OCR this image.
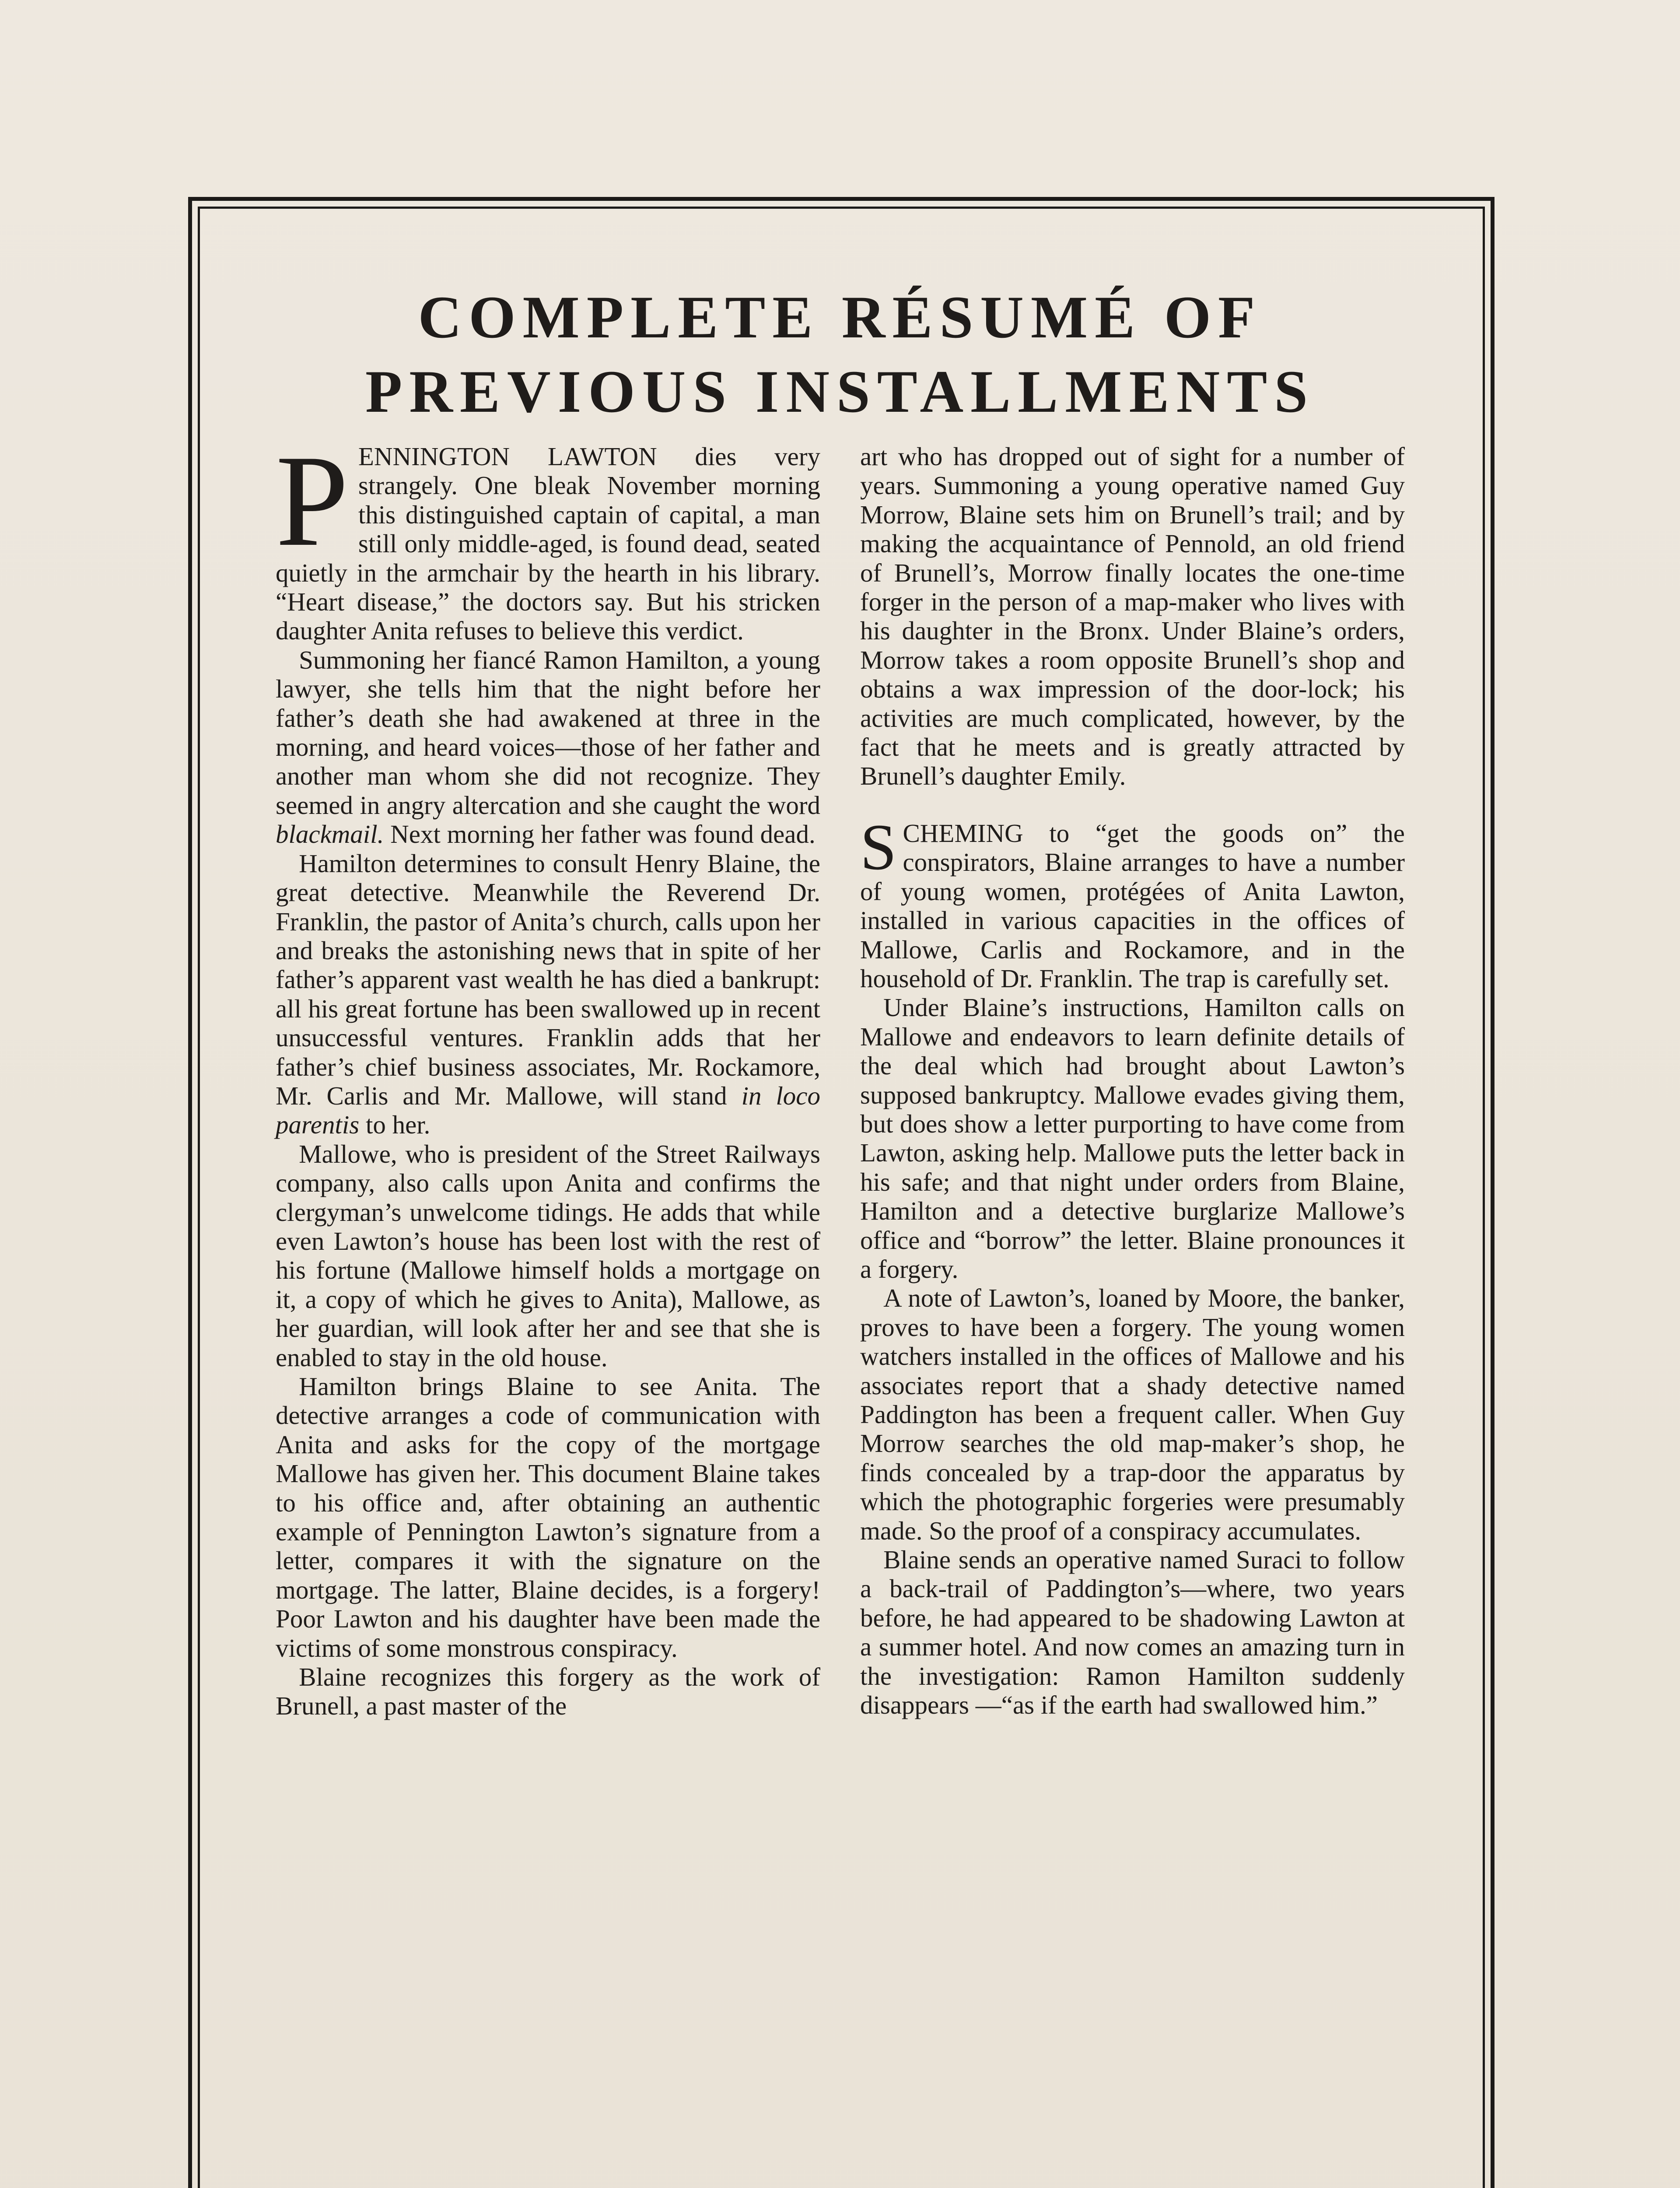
COMPLETE RÉSUMÉ OF
PREVIOUS INSTALLMENTS

PENNINGTON LAWTON dies very strangely. One bleak November morning this distinguished captain of capital, a man still only middle-aged, is found dead, seated quietly in the armchair by the hearth in his library. “Heart disease,” the doctors say. But his stricken daughter Anita refuses to believe this verdict.

Summoning her fiancé Ramon Hamilton, a young lawyer, she tells him that the night before her father’s death she had awakened at three in the morning, and heard voices—those of her father and another man whom she did not recognize. They seemed in angry altercation and she caught the word blackmail. Next morning her father was found dead.

Hamilton determines to consult Henry Blaine, the great detective. Meanwhile the Reverend Dr. Franklin, the pastor of Anita’s church, calls upon her and breaks the astonishing news that in spite of her father’s apparent vast wealth he has died a bankrupt: all his great fortune has been swallowed up in recent unsuccessful ventures. Franklin adds that her father’s chief business associates, Mr. Rockamore, Mr. Carlis and Mr. Mallowe, will stand in loco parentis to her.

Mallowe, who is president of the Street Railways company, also calls upon Anita and confirms the clergyman’s unwelcome tidings. He adds that while even Lawton’s house has been lost with the rest of his fortune (Mallowe himself holds a mortgage on it, a copy of which he gives to Anita), Mallowe, as her guardian, will look after her and see that she is enabled to stay in the old house.

Hamilton brings Blaine to see Anita. The detective arranges a code of communication with Anita and asks for the copy of the mortgage Mallowe has given her. This document Blaine takes to his office and, after obtaining an authentic example of Pennington Lawton’s signature from a letter, compares it with the signature on the mortgage. The latter, Blaine decides, is a forgery! Poor Lawton and his daughter have been made the victims of some monstrous conspiracy.

Blaine recognizes this forgery as the work of Brunell, a past master of the

art who has dropped out of sight for a number of years. Summoning a young operative named Guy Morrow, Blaine sets him on Brunell’s trail; and by making the acquaintance of Pennold, an old friend of Brunell’s, Morrow finally locates the one-time forger in the person of a map-maker who lives with his daughter in the Bronx. Under Blaine’s orders, Morrow takes a room opposite Brunell’s shop and obtains a wax impression of the door-lock; his activities are much complicated, however, by the fact that he meets and is greatly attracted by Brunell’s daughter Emily.

SCHEMING to “get the goods on” the conspirators, Blaine arranges to have a number of young women, protégées of Anita Lawton, installed in various capacities in the offices of Mallowe, Carlis and Rockamore, and in the household of Dr. Franklin. The trap is carefully set.

Under Blaine’s instructions, Hamilton calls on Mallowe and endeavors to learn definite details of the deal which had brought about Lawton’s supposed bankruptcy. Mallowe evades giving them, but does show a letter purporting to have come from Lawton, asking help. Mallowe puts the letter back in his safe; and that night under orders from Blaine, Hamilton and a detective burglarize Mallowe’s office and “borrow” the letter. Blaine pronounces it a forgery.

A note of Lawton’s, loaned by Moore, the banker, proves to have been a forgery. The young women watchers installed in the offices of Mallowe and his associates report that a shady detective named Paddington has been a frequent caller. When Guy Morrow searches the old map-maker’s shop, he finds concealed by a trap-door the apparatus by which the photographic forgeries were presumably made. So the proof of a conspiracy accumulates.

Blaine sends an operative named Suraci to follow a back-trail of Paddington’s—where, two years before, he had appeared to be shadowing Lawton at a summer hotel. And now comes an amazing turn in the investigation: Ramon Hamilton suddenly disappears —“as if the earth had swallowed him.”
